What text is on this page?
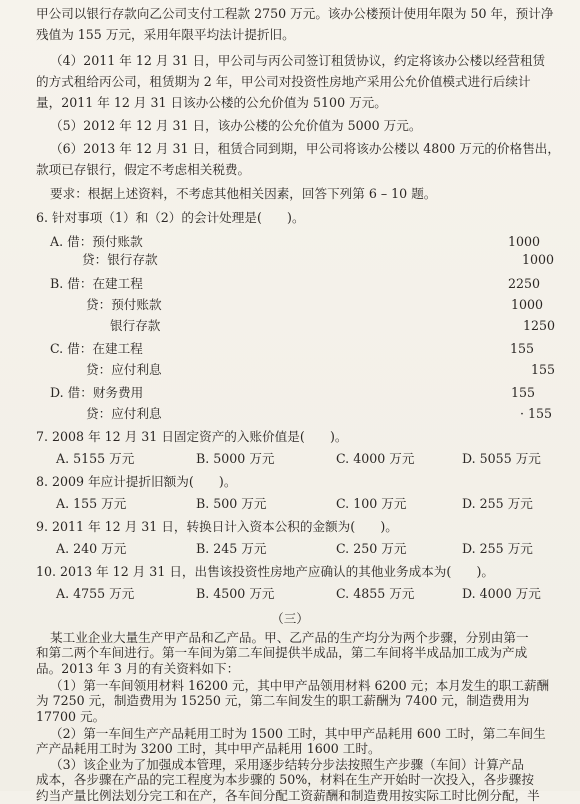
甲公司以银行存款向乙公司支付工程款 2750 万元。该办公楼预计使用年限为 50 年，预计净
残值为 155 万元，采用年限平均法计提折旧。
（4）2011 年 12 月 31 日，甲公司与丙公司签订租赁协议，约定将该办公楼以经营租赁
的方式租给丙公司，租赁期为 2 年，甲公司对投资性房地产采用公允价值模式进行后续计
量，2011 年 12 月 31 日该办公楼的公允价值为 5100 万元。
（5）2012 年 12 月 31 日，该办公楼的公允价值为 5000 万元。
（6）2013 年 12 月 31 日，租赁合同到期，甲公司将该办公楼以 4800 万元的价格售出，
款项已存银行，假定不考虑相关税费。
要求：根据上述资料，不考虑其他相关因素，回答下列第 6 – 10 题。
6. 针对事项（1）和（2）的会计处理是(　　)。
A. 借：预付账款	1000
贷：银行存款	1000
B. 借：在建工程	2250
贷：预付账款	1000
银行存款	1250
C. 借：在建工程	155
贷：应付利息	155
D. 借：财务费用	155
贷：应付利息	· 155
7. 2008 年 12 月 31 日固定资产的入账价值是(　　)。
A. 5155 万元	B. 5000 万元	C. 4000 万元	D. 5055 万元
8. 2009 年应计提折旧额为(　　)。
A. 155 万元	B. 500 万元	C. 100 万元	D. 255 万元
9. 2011 年 12 月 31 日，转换日计入资本公积的金额为(　　)。
A. 240 万元	B. 245 万元	C. 250 万元	D. 255 万元
10. 2013 年 12 月 31 日，出售该投资性房地产应确认的其他业务成本为(　　)。
A. 4755 万元	B. 4500 万元	C. 4855 万元	D. 4000 万元
（三）
某工业企业大量生产甲产品和乙产品。甲、乙产品的生产均分为两个步骤，分别由第一
和第二两个车间进行。第一车间为第二车间提供半成品，第二车间将半成品加工成为产成
品。2013 年 3 月的有关资料如下：
（1）第一车间领用材料 16200 元，其中甲产品领用材料 6200 元；本月发生的职工薪酬
为 7250 元，制造费用为 15250 元，第二车间发生的职工薪酬为 7400 元，制造费用为
17700 元。
（2）第一车间生产产品耗用工时为 1500 工时，其中甲产品耗用 600 工时，第二车间生
产产品耗用工时为 3200 工时，其中甲产品耗用 1600 工时。
（3）该企业为了加强成本管理，采用逐步结转分步法按照生产步骤（车间）计算产品
成本，各步骤在产品的完工程度为本步骤的 50%，材料在生产开始时一次投入，各步骤按
约当产量比例法划分完工和在产，各车间分配工资薪酬和制造费用按实际工时比例分配，半
